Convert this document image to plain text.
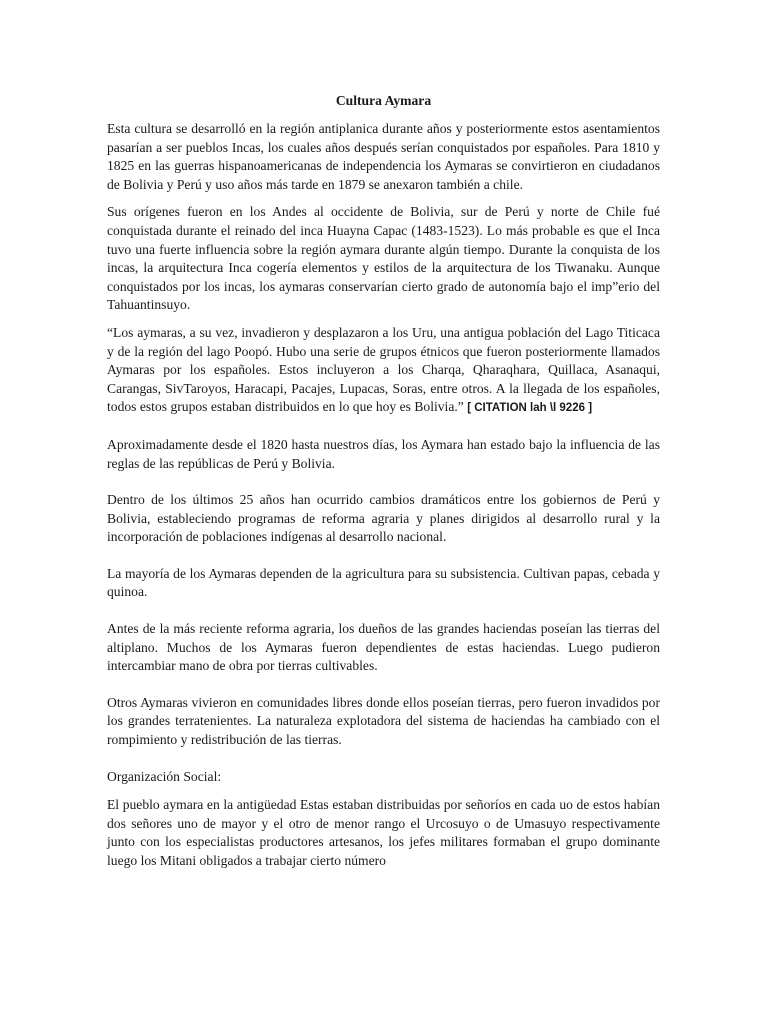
Cultura Aymara

Esta cultura se desarrolló en la región antiplanica durante años y posteriormente estos asentamientos pasarían a ser pueblos Incas, los cuales años después serían conquistados por españoles. Para 1810 y 1825 en las guerras hispanoamericanas de independencia los Aymaras se convirtieron en ciudadanos de Bolivia y Perú y uso años más tarde en 1879 se anexaron también a chile.

Sus orígenes fueron en los Andes al occidente de Bolivia, sur de Perú y norte de Chile fué conquistada durante el reinado del inca Huayna Capac (1483-1523). Lo más probable es que el Inca tuvo una fuerte influencia sobre la región aymara durante algún tiempo. Durante la conquista de los incas, la arquitectura Inca cogería elementos y estilos de la arquitectura de los Tiwanaku. Aunque conquistados por los incas, los aymaras conservarían cierto grado de autonomía bajo el imp”erio del Tahuantinsuyo.

“Los aymaras, a su vez, invadieron y desplazaron a los Uru, una antigua población del Lago Titicaca y de la región del lago Poopó. Hubo una serie de grupos étnicos que fueron posteriormente llamados Aymaras por los españoles. Estos incluyeron a los Charqa, Qharaqhara, Quillaca, Asanaqui, Carangas, SivTaroyos, Haracapi, Pacajes, Lupacas, Soras, entre otros. A la llegada de los españoles, todos estos grupos estaban distribuidos en lo que hoy es Bolivia.” [ CITATION lah \l 9226 ]

Aproximadamente desde el 1820 hasta nuestros días, los Aymara han estado bajo la influencia de las reglas de las repúblicas de Perú y Bolivia.

Dentro de los últimos 25 años han ocurrido cambios dramáticos entre los gobiernos de Perú y Bolivia, estableciendo programas de reforma agraria y planes dirigidos al desarrollo rural y la incorporación de poblaciones indígenas al desarrollo nacional.

La mayoría de los Aymaras dependen de la agricultura para su subsistencia. Cultivan papas, cebada y quinoa.

Antes de la más reciente reforma agraria, los dueños de las grandes haciendas poseían las tierras del altiplano. Muchos de los Aymaras fueron dependientes de estas haciendas. Luego pudieron intercambiar mano de obra por tierras cultivables.

Otros Aymaras vivieron en comunidades libres donde ellos poseían tierras, pero fueron invadidos por los grandes terratenientes. La naturaleza explotadora del sistema de haciendas ha cambiado con el rompimiento y redistribución de las tierras.

Organización Social:

El pueblo aymara en la antigüedad Estas estaban distribuidas por señoríos en cada uo de estos habían dos señores uno de mayor y el otro de menor rango el Urcosuyo o de Umasuyo respectivamente junto con los especialistas productores artesanos, los jefes militares formaban el grupo dominante luego los Mitani obligados a trabajar cierto número
